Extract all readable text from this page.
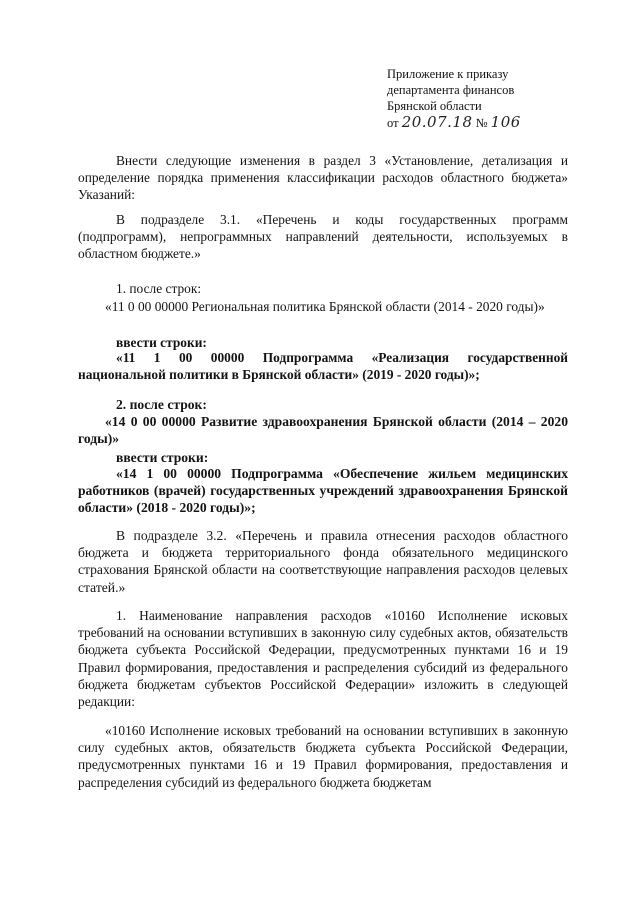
Приложение к приказу
департамента финансов
Брянской области
от 20.07.18 № 106

Внести следующие изменения в раздел 3 «Установление, детализация и определение порядка применения классификации расходов областного бюджета» Указаний:

В подразделе 3.1. «Перечень и коды государственных программ (подпрограмм), непрограммных направлений деятельности, используемых в областном бюджете.»

1. после строк:

«11 0 00 00000 Региональная политика Брянской области (2014 - 2020 годы)»

ввести строки:

«11 1 00 00000 Подпрограмма «Реализация государственной национальной политики в Брянской области» (2019 - 2020 годы)»;

2. после строк:

«14 0 00 00000 Развитие здравоохранения Брянской области (2014 – 2020 годы)»

ввести строки:

«14 1 00 00000 Подпрограмма «Обеспечение жильем медицинских работников (врачей) государственных учреждений здравоохранения Брянской области» (2018 - 2020 годы)»;

В подразделе 3.2. «Перечень и правила отнесения расходов областного бюджета и бюджета территориального фонда обязательного медицинского страхования Брянской области на соответствующие направления расходов целевых статей.»

1. Наименование направления расходов «10160 Исполнение исковых требований на основании вступивших в законную силу судебных актов, обязательств бюджета субъекта Российской Федерации, предусмотренных пунктами 16 и 19 Правил формирования, предоставления и распределения субсидий из федерального бюджета бюджетам субъектов Российской Федерации» изложить в следующей редакции:

«10160 Исполнение исковых требований на основании вступивших в законную силу судебных актов, обязательств бюджета субъекта Российской Федерации, предусмотренных пунктами 16 и 19 Правил формирования, предоставления и распределения субсидий из федерального бюджета бюджетам
